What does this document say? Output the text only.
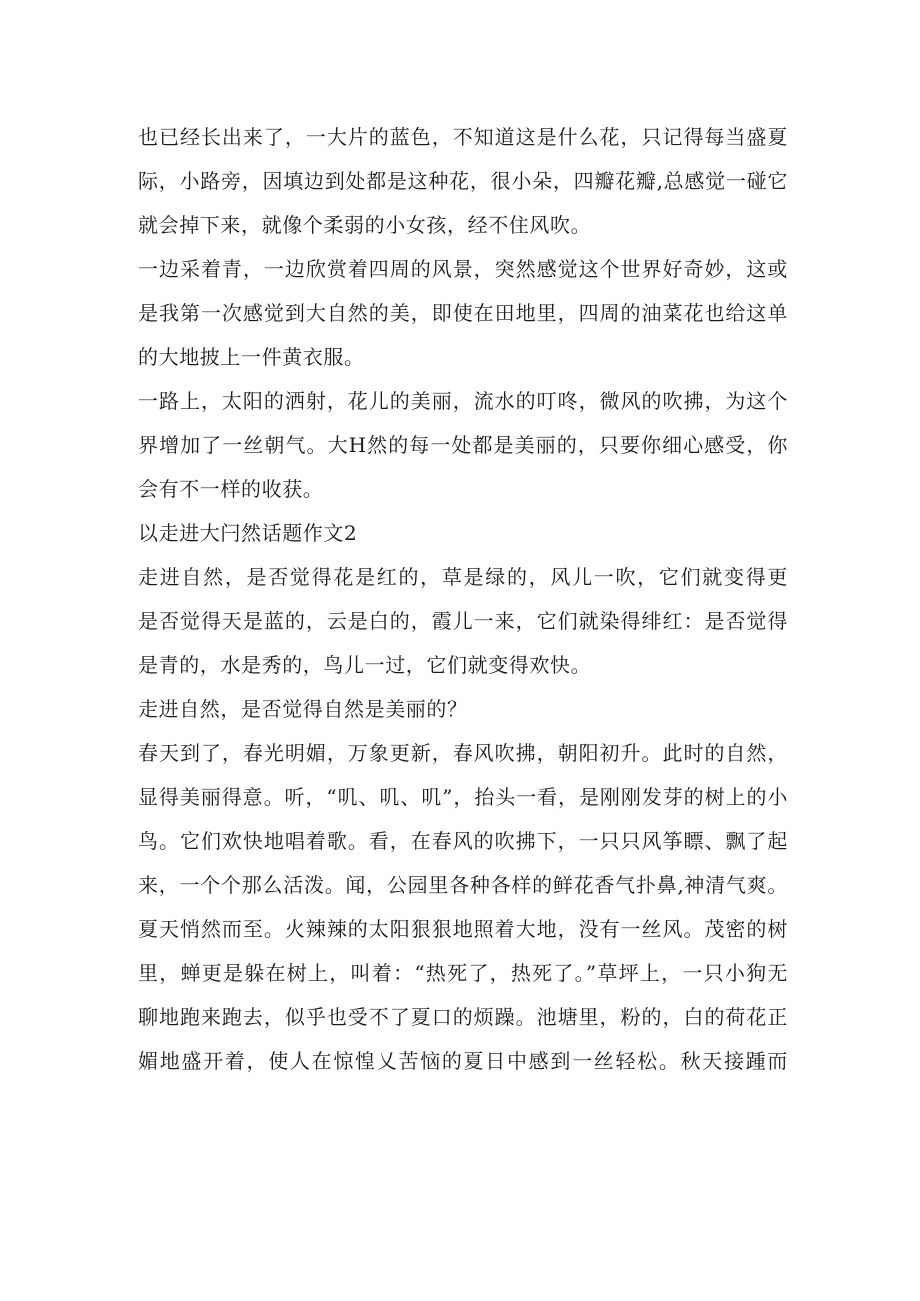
也已经长出来了，一大片的蓝色，不知道这是什么花，只记得每当盛夏
际，小路旁，因填边到处都是这种花，很小朵，四瓣花瓣,总感觉一碰它
就会掉下来，就像个柔弱的小女孩，经不住风吹。
一边采着青，一边欣赏着四周的风景，突然感觉这个世界好奇妙，这或
是我第一次感觉到大自然的美，即使在田地里，四周的油菜花也给这单
的大地披上一件黄衣服。
一路上，太阳的洒射，花儿的美丽，流水的叮咚，微风的吹拂，为这个
界增加了一丝朝气。大H然的每一处都是美丽的，只要你细心感受，你
会有不一样的收获。
以走进大闩然话题作文2
走进自然，是否觉得花是红的，草是绿的，风儿一吹，它们就变得更
是否觉得天是蓝的，云是白的，霞儿一来，它们就染得绯红：是否觉得
是青的，水是秀的，鸟儿一过，它们就变得欢快。
走进自然，是否觉得自然是美丽的？
春天到了，春光明媚，万象更新，春风吹拂，朝阳初升。此时的自然，
显得美丽得意。听，“叽、叽、叽”，抬头一看，是刚刚发芽的树上的小
鸟。它们欢快地唱着歌。看，在春风的吹拂下，一只只风筝瞟、飘了起
来，一个个那么活泼。闻，公园里各种各样的鲜花香气扑鼻,神清气爽。
夏天悄然而至。火辣辣的太阳狠狠地照着大地，没有一丝风。茂密的树
里，蝉更是躲在树上，叫着：“热死了，热死了。”草坪上，一只小狗无
聊地跑来跑去，似乎也受不了夏口的烦躁。池塘里，粉的，白的荷花正
媚地盛开着，使人在惊惶乂苦恼的夏日中感到一丝轻松。秋天接踵而
